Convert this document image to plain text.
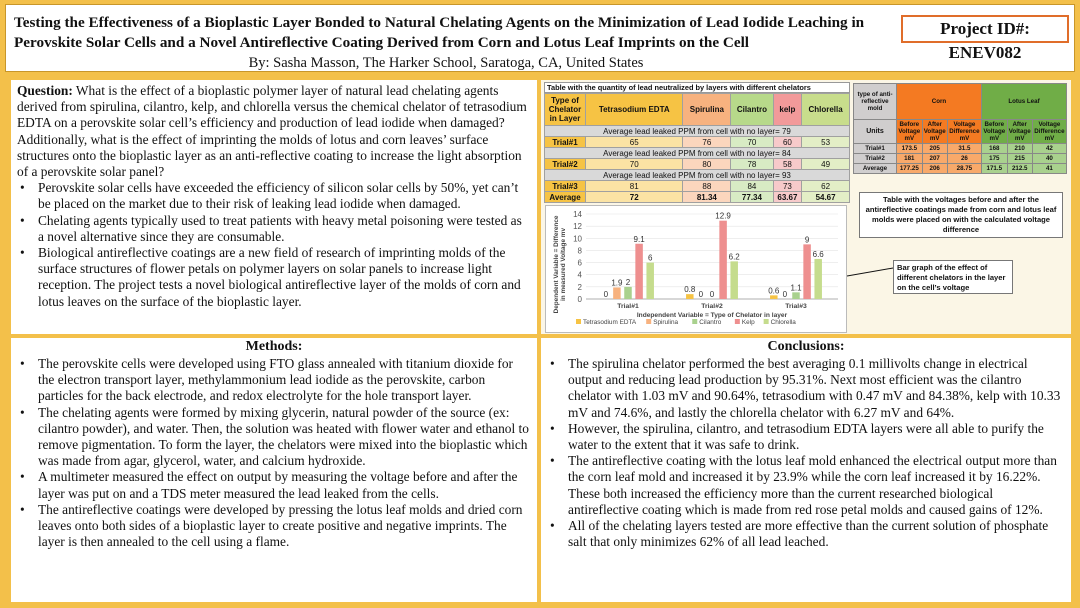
Testing the Effectiveness of a Bioplastic Layer Bonded to Natural Chelating Agents on the Minimization of Lead Iodide Leaching in Perovskite Solar Cells and a Novel Antireflective Coating Derived from Corn and Lotus Leaf Imprints on the Cell
By: Sasha Masson, The Harker School, Saratoga, CA, United States
Project ID#: ENEV082
Question: What is the effect of a bioplastic polymer layer of natural lead chelating agents derived from spirulina, cilantro, kelp, and chlorella versus the chemical chelator of tetrasodium EDTA on a perovskite solar cell’s efficiency and production of lead iodide when damaged? Additionally, what is the effect of imprinting the molds of lotus and corn leaves’ surface structures onto the bioplastic layer as an anti-reflective coating to increase the light absorption of a perovskite solar panel?
• Perovskite solar cells have exceeded the efficiency of silicon solar cells by 50%, yet can’t be placed on the market due to their risk of leaking lead iodide when damaged.
• Chelating agents typically used to treat patients with heavy metal poisoning were tested as a novel alternative since they are consumable.
• Biological antireflective coatings are a new field of research of imprinting molds of the surface structures of flower petals on polymer layers on solar panels to increase light reception. The project tests a novel biological antireflective layer of the molds of corn and lotus leaves on the surface of the bioplastic layer.
Methods:
• The perovskite cells were developed using FTO glass annealed with titanium dioxide for the electron transport layer, methylammonium lead iodide as the perovskite, carbon particles for the back electrode, and redox electrolyte for the hole transport layer.
• The chelating agents were formed by mixing glycerin, natural powder of the source (ex: cilantro powder), and water. Then, the solution was heated with flower water and ethanol to remove pigmentation. To form the layer, the chelators were mixed into the bioplastic which was made from agar, glycerol, water, and calcium hydroxide.
• A multimeter measured the effect on output by measuring the voltage before and after the layer was put on and a TDS meter measured the lead leaked from the cells.
• The antireflective coatings were developed by pressing the lotus leaf molds and dried corn leaves onto both sides of a bioplastic layer to create positive and negative imprints. The layer is then annealed to the cell using a flame.
Conclusions:
• The spirulina chelator performed the best averaging 0.1 millivolts change in electrical output and reducing lead production by 95.31%. Next most efficient was the cilantro chelator with 1.03 mV and 90.64%, tetrasodium with 0.47 mV and 84.38%, kelp with 10.33 mV and 74.6%, and lastly the chlorella chelator with 6.27 mV and 64%.
• However, the spirulina, cilantro, and tetrasodium EDTA layers were all able to purify the water to the extent that it was safe to drink.
• The antireflective coating with the lotus leaf mold enhanced the electrical output more than the corn leaf mold and increased it by 23.9% while the corn leaf increased it by 16.22%. These both increased the efficiency more than the current researched biological antireflective coating which is made from red rose petal molds and caused gains of 12%.
• All of the chelating layers tested are more effective than the current solution of phosphate salt that only minimizes 62% of all lead leached.
Table with the quantity of lead neutralized by layers with different chelators
Type of Chelator in Layer	Tetrasodium EDTA	Spirulina	Cilantro	kelp	Chlorella
Average lead leaked PPM from cell with no layer= 79					
Trial#1	65	76	70	60	53
Average lead leaked PPM from cell with no layer= 84					
Trial#2	70	80	78	58	49
Average lead leaked PPM from cell with no layer= 93					
Trial#3	81	88	84	73	62
Average	72	81.34	77.34	63.67	54.67
type of anti-reflective mold	Corn			Lotus Leaf		
Units	Before Voltage mV	After Voltage mV	Voltage Difference mV	Before Voltage mV	After Voltage mV	Voltage Difference mV
Trial#1	173.5	205	31.5	168	210	42
Trial#2	181	207	26	175	215	40
Average	177.25	206	28.75	171.5	212.5	41
Table with the voltages before and after the antireflective coatings made from corn and lotus leaf molds were placed on with the calculated voltage difference
Bar graph of the effect of different chelators in the layer on the cell’s voltage
0
2
4
6
8
10
12
14
Dependent Variable = Differencein measured Voltage mv	0
1.9 2
9.1
6
Trial#1
0.8
0 0
12.9
6.2
Trial#2
0.6 0
1.1
9
6.6
Trial#3
Independent Variable = Type of Chelator in layer
Tetrasodium EDTA	Spirulina	Cilantro	Kelp	Chlorella
